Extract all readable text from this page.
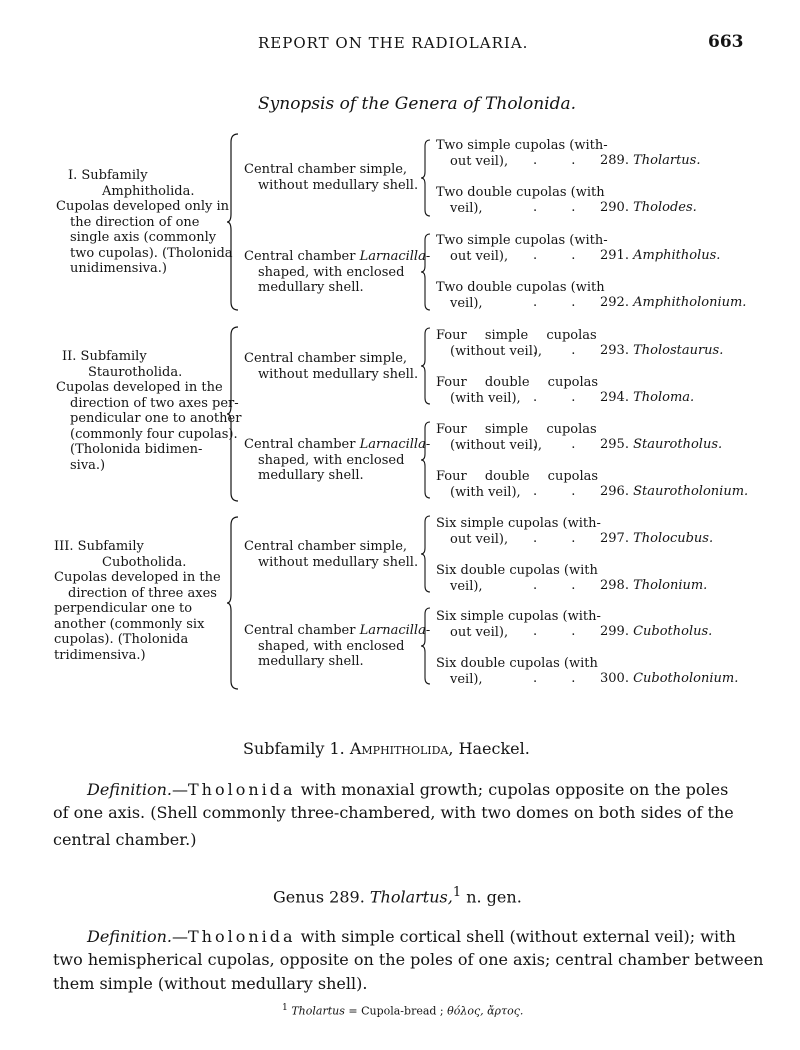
REPORT ON THE RADIOLARIA.	663
Synopsis of the Genera of Tholonida.
I. Subfamily
Amphitholida.
Cupolas developed only in
the direction of one
single axis (commonly
two cupolas). (Tholonida
unidimensiva.)
II. Subfamily
Staurotholida.
Cupolas developed in the
direction of two axes per-
pendicular one to another
(commonly four cupolas).
(Tholonida bidimen-
siva.)
III. Subfamily
Cubotholida.
Cupolas developed in the
direction of three axes
perpendicular one to
another (commonly six
cupolas). (Tholonida
tridimensiva.)
Central chamber simple,
without medullary shell.
Central chamber Larnacilla-
shaped, with enclosed
medullary shell.
Central chamber simple,
without medullary shell.
Central chamber Larnacilla-
shaped, with enclosed
medullary shell.
Central chamber simple,
without medullary shell.
Central chamber Larnacilla-
shaped, with enclosed
medullary shell.
Two simple cupolas (with-
out veil),
Two double cupolas (with
veil),
Two simple cupolas (with-
out veil),
Two double cupolas (with
veil),
Four simple cupolas
(without veil),
Four double cupolas
(with veil),
Four simple cupolas
(without veil),
Four double cupolas
(with veil),
Six simple cupolas (with-
out veil),
Six double cupolas (with
veil),
Six simple cupolas (with-
out veil),
Six double cupolas (with
veil),
. .
. .
. .
. .
. .
. .
. .
. .
. .
. .
. .
. .
289. Tholartus.
290. Tholodes.
291. Amphitholus.
292. Amphitholonium.
293. Tholostaurus.
294. Tholoma.
295. Staurotholus.
296. Staurotholonium.
297. Tholocubus.
298. Tholonium.
299. Cubotholus.
300. Cubotholonium.
Subfamily 1. Amphitholida, Haeckel.
Definition.—Tholonida with monaxial growth; cupolas opposite on the poles
of one axis. (Shell commonly three-chambered, with two domes on both sides of the
central chamber.)
Genus 289. Tholartus,$^1$ n. gen.
Definition.—Tholonida with simple cortical shell (without external veil); with
two hemispherical cupolas, opposite on the poles of one axis; central chamber between
them simple (without medullary shell).
$^1$ Tholartus = Cupola-bread ; θόλος, ἄρτος.
